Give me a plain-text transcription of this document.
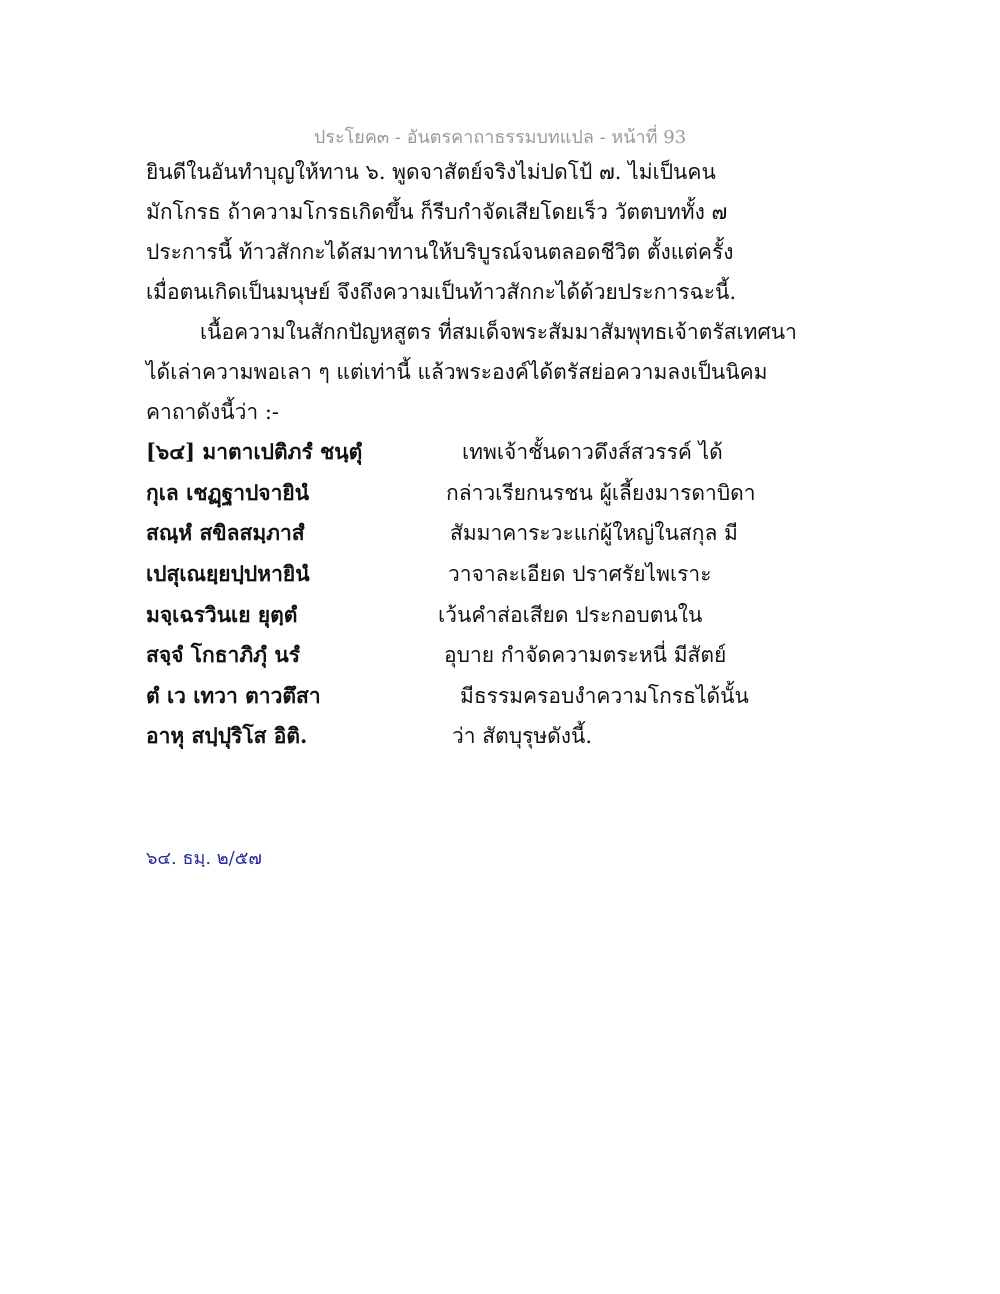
ประโยค๓ - อันตรคาถาธรรมบทแปล - หน้าที่ 93
ยินดีในอันทำบุญให้ทาน ๖. พูดจาสัตย์จริงไม่ปดโป้ ๗. ไม่เป็นคน
มักโกรธ ถ้าความโกรธเกิดขึ้น ก็รีบกำจัดเสียโดยเร็ว วัตตบททั้ง ๗
ประการนี้ ท้าวสักกะได้สมาทานให้บริบูรณ์จนตลอดชีวิต ตั้งแต่ครั้ง
เมื่อตนเกิดเป็นมนุษย์ จึงถึงความเป็นท้าวสักกะได้ด้วยประการฉะนี้.
เนื้อความในสักกปัญหสูตร ที่สมเด็จพระสัมมาสัมพุทธเจ้าตรัสเทศนา
ได้เล่าความพอเลา ๆ แต่เท่านี้ แล้วพระองค์ได้ตรัสย่อความลงเป็นนิคม
คาถาดังนี้ว่า :-
[๖๔] มาตาเปติภรํ ชนฺตุํ	เทพเจ้าชั้นดาวดึงส์สวรรค์ ได้
กุเล เชฏฺฐาปจายินํ	กล่าวเรียกนรชน ผู้เลี้ยงมารดาบิดา
สณฺหํ สขิลสมฺภาสํ	สัมมาคาระวะแก่ผู้ใหญ่ในสกุล มี
เปสุเณยฺยปฺปหายินํ	วาจาละเอียด ปราศรัยไพเราะ
มจฺเฉรวินเย ยุตฺตํ	เว้นคำส่อเสียด ประกอบตนใน
สจฺจํ โกธาภิภุํ นรํ	อุบาย กำจัดความตระหนี่ มีสัตย์
ตํ เว เทวา ตาวตึสา	มีธรรมครอบงำความโกรธได้นั้น
อาหุ สปฺปุริโส อิติ.	ว่า สัตบุรุษดังนี้.
๖๔. ธมฺ. ๒/๕๗
